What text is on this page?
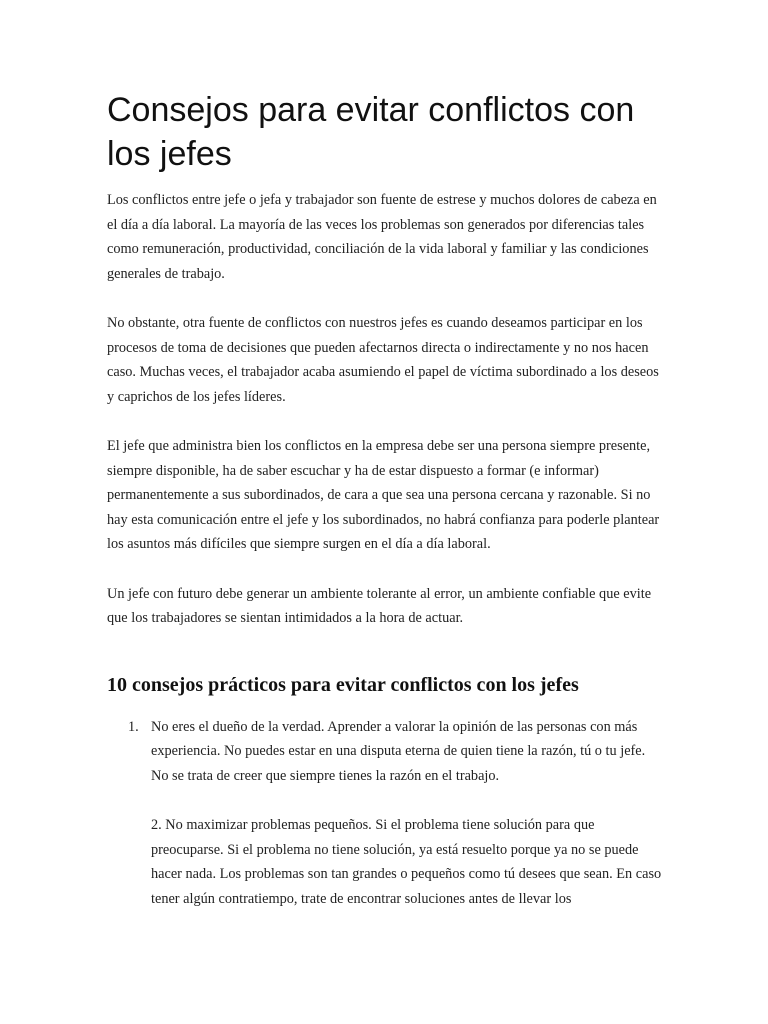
Consejos para evitar conflictos con los jefes

Los conflictos entre jefe o jefa y trabajador son fuente de estrese y muchos dolores de cabeza en el día a día laboral. La mayoría de las veces los problemas son generados por diferencias tales como remuneración, productividad, conciliación de la vida laboral y familiar y las condiciones generales de trabajo.

No obstante, otra fuente de conflictos con nuestros jefes es cuando deseamos participar en los procesos de toma de decisiones que pueden afectarnos directa o indirectamente y no nos hacen caso. Muchas veces, el trabajador acaba asumiendo el papel de víctima subordinado a los deseos y caprichos de los jefes líderes.

El jefe que administra bien los conflictos en la empresa debe ser una persona siempre presente, siempre disponible, ha de saber escuchar y ha de estar dispuesto a formar (e informar) permanentemente a sus subordinados, de cara a que sea una persona cercana y razonable. Si no hay esta comunicación entre el jefe y los subordinados, no habrá confianza para poderle plantear los asuntos más difíciles que siempre surgen en el día a día laboral.

Un jefe con futuro debe generar un ambiente tolerante al error, un ambiente confiable que evite que los trabajadores se sientan intimidados a la hora de actuar.

10 consejos prácticos para evitar conflictos con los jefes
1. No eres el dueño de la verdad. Aprender a valorar la opinión de las personas con más experiencia. No puedes estar en una disputa eterna de quien tiene la razón, tú o tu jefe. No se trata de creer que siempre tienes la razón en el trabajo.

2. No maximizar problemas pequeños. Si el problema tiene solución para que preocuparse. Si el problema no tiene solución, ya está resuelto porque ya no se puede hacer nada. Los problemas son tan grandes o pequeños como tú desees que sean. En caso tener algún contratiempo, trate de encontrar soluciones antes de llevar los
